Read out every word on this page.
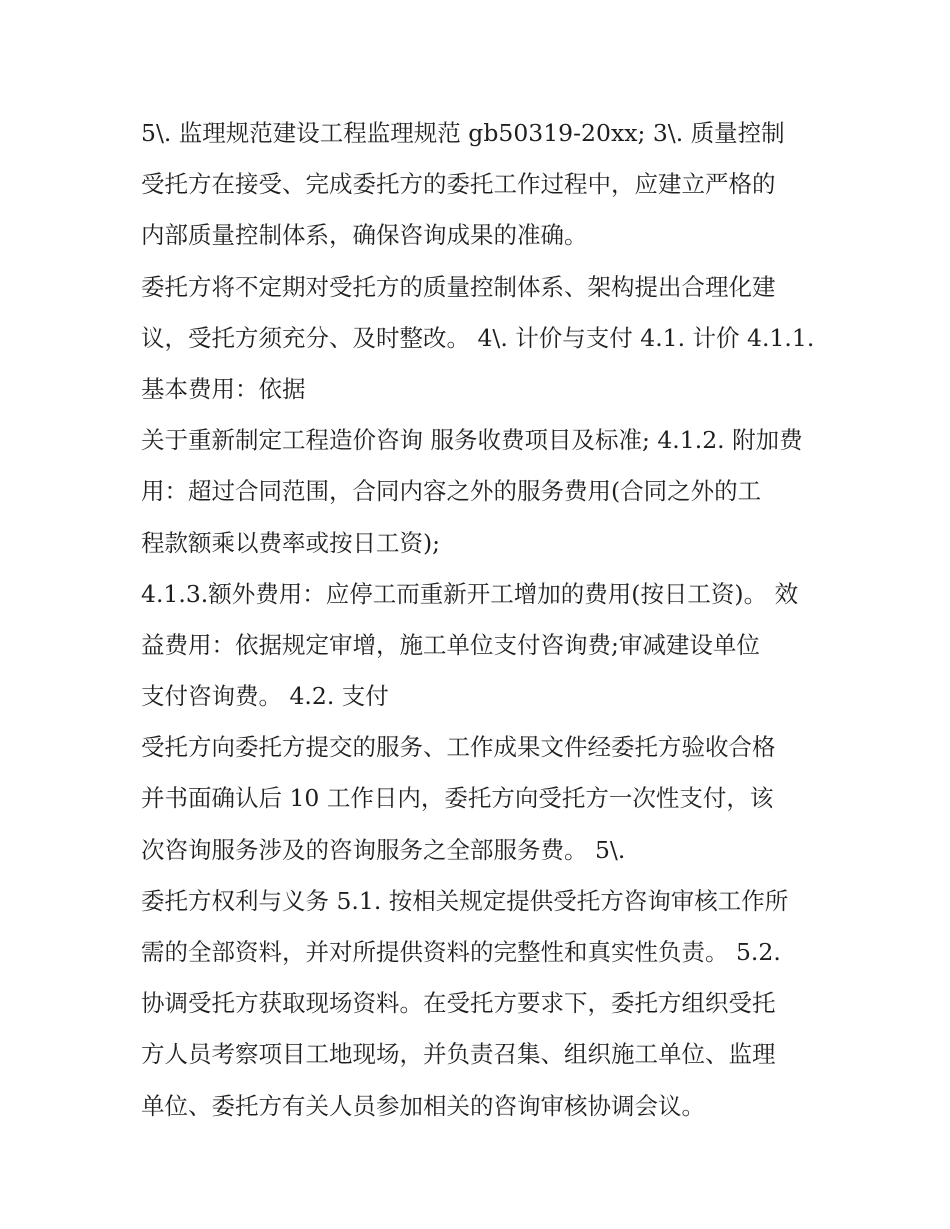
5\. 监理规范建设工程监理规范 gb50319-20xx; 3\. 质量控制

受托方在接受、完成委托方的委托工作过程中，应建立严格的
内部质量控制体系，确保咨询成果的准确。

委托方将不定期对受托方的质量控制体系、架构提出合理化建
议，受托方须充分、及时整改。 4\. 计价与支付 4.1. 计价 4.1.1.
基本费用：依据

关于重新制定工程造价咨询 服务收费项目及标准; 4.1.2. 附加费
用：超过合同范围，合同内容之外的服务费用(合同之外的工
程款额乘以费率或按日工资);

4.1.3.额外费用：应停工而重新开工增加的费用(按日工资)。 效
益费用：依据规定审增，施工单位支付咨询费;审减建设单位
支付咨询费。 4.2. 支付

受托方向委托方提交的服务、工作成果文件经委托方验收合格
并书面确认后 10 工作日内，委托方向受托方一次性支付，该
次咨询服务涉及的咨询服务之全部服务费。 5\.

委托方权利与义务 5.1. 按相关规定提供受托方咨询审核工作所
需的全部资料，并对所提供资料的完整性和真实性负责。 5.2.
协调受托方获取现场资料。在受托方要求下，委托方组织受托
方人员考察项目工地现场，并负责召集、组织施工单位、监理
单位、委托方有关人员参加相关的咨询审核协调会议。
